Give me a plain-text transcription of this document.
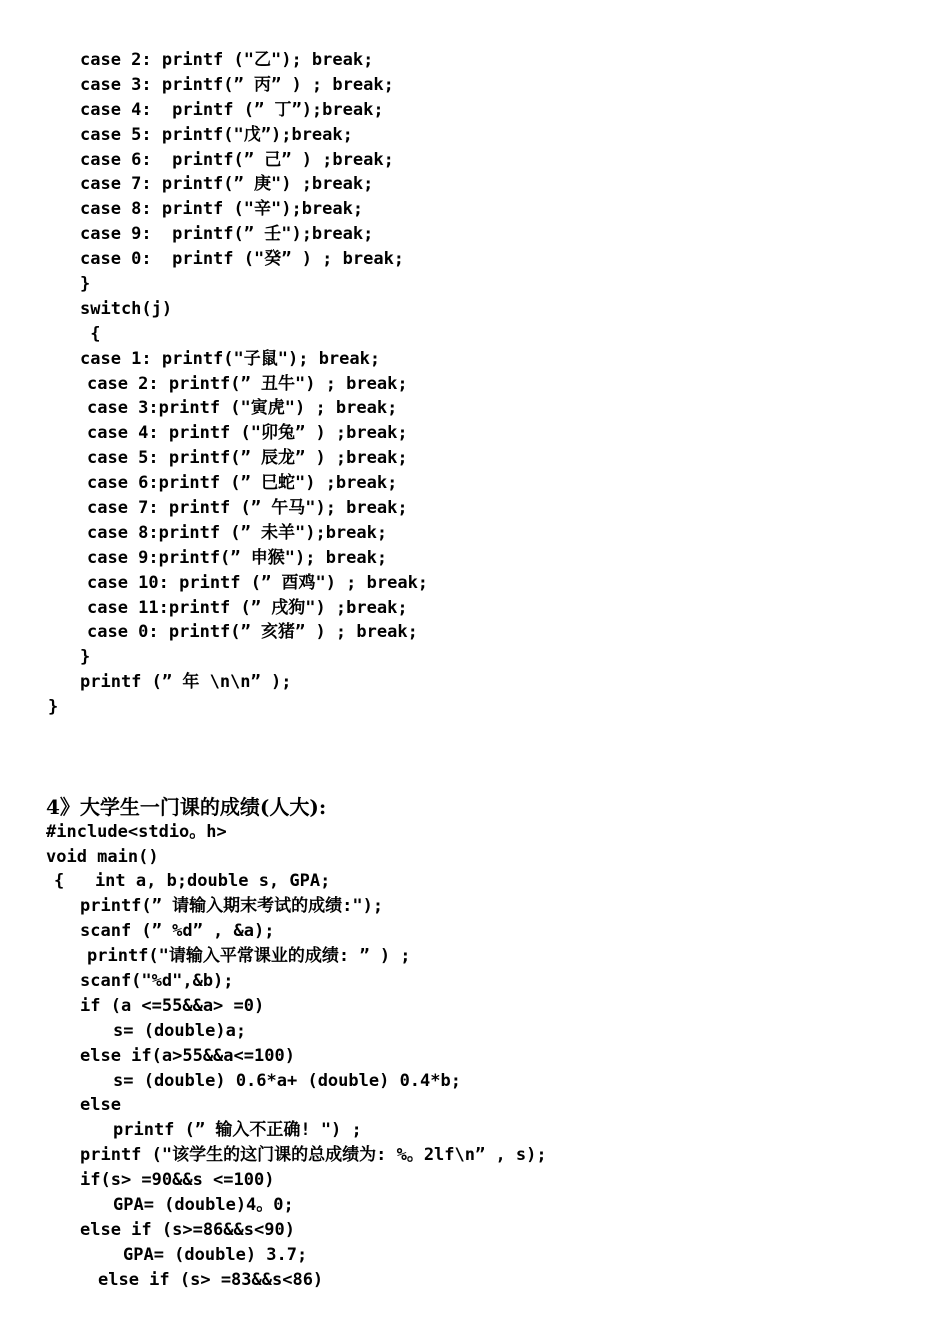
case 2: printf ("乙"); break;
case 3: printf(” 丙” ) ; break;
case 4:  printf (” 丁”);break;
case 5: printf("戊”);break;
case 6:  printf(” 己” ) ;break;
case 7: printf(” 庚") ;break;
case 8: printf ("辛");break;
case 9:  printf(” 壬");break;
case 0:  printf ("癸” ) ; break;
}
switch(j)
{
case 1: printf("子鼠"); break;
case 2: printf(” 丑牛") ; break;
case 3:printf ("寅虎") ; break;
case 4: printf ("卯兔” ) ;break;
case 5: printf(” 辰龙” ) ;break;
case 6:printf (” 巳蛇") ;break;
case 7: printf (” 午马"); break;
case 8:printf (” 未羊");break;
case 9:printf(” 申猴"); break;
case 10: printf (” 酉鸡") ; break;
case 11:printf (” 戌狗") ;break;
case 0: printf(” 亥猪” ) ; break;
}
printf (” 年 \n\n” );
}
4》大学生一门课的成绩(人大):
#include<stdio。h>
void main()
{   int a, b;double s, GPA;
printf(” 请输入期末考试的成绩:");
scanf (” %d” , &a);
printf("请输入平常课业的成绩: ” ) ;
scanf("%d",&b);
if (a <=55&&a> =0)
s= (double)a;
else if(a>55&&a<=100)
s= (double) 0.6*a+ (double) 0.4*b;
else
printf (” 输入不正确! ") ;
printf ("该学生的这门课的总成绩为: %。2lf\n” , s);
if(s> =90&&s <=100)
GPA= (double)4。0;
else if (s>=86&&s<90)
GPA= (double) 3.7;
else if (s> =83&&s<86)
